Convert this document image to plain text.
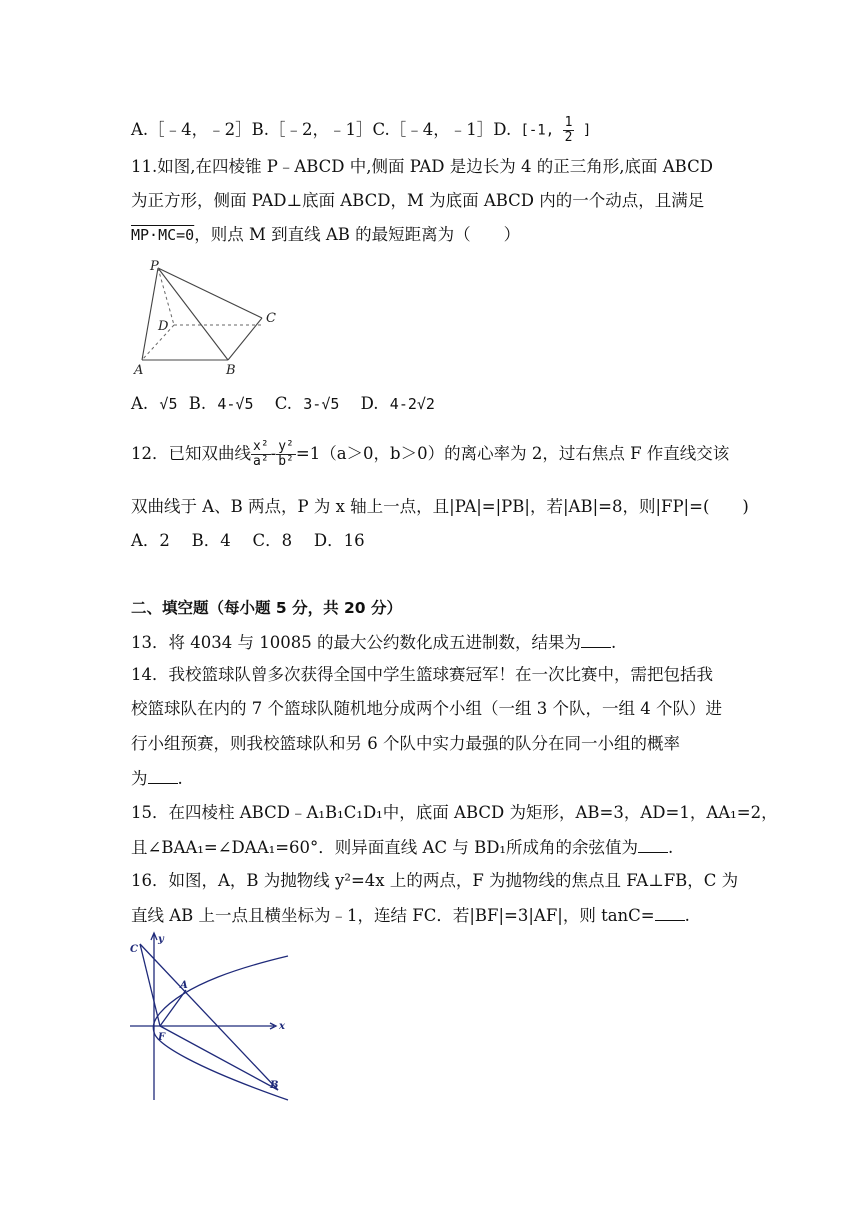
A.［﹣4，﹣2］B.［﹣2，﹣1］C.［﹣4，﹣1］D. [-1, $\frac{1}{2}$ ]
11.如图,在四棱锥 P﹣ABCD 中,侧面 PAD 是边长为 4 的正三角形,底面 ABCD
为正方形，侧面 PAD⊥底面 ABCD，M 为底面 ABCD 内的一个动点，且满足
MP·MC=0，则点 M 到直线 AB 的最短距离为（　　）
P
D
C
A	B
A. √5 B. 4-√5 C. 3-√5 D. 4-2√2
12．已知双曲线 $\frac{\text{x²}}{\text{a²}} - \frac{\text{y²}}{\text{b²}} =1(a>0$，b＞0）的离心率为 2，过右焦点 F 作直线交该
双曲线于 A、B 两点，P 为 x 轴上一点，且|PA|=|PB|，若|AB|=8，则|FP|=(　　)
A．2　 B．4　 C．8　 D．16
二、填空题（每小题 5 分，共 20 分）
13．将 4034 与 10085 的最大公约数化成五进制数，结果为 .
14．我校篮球队曾多次获得全国中学生篮球赛冠军！在一次比赛中，需把包括我
校篮球队在内的 7 个篮球队随机地分成两个小组（一组 3 个队，一组 4 个队）进
行小组预赛，则我校篮球队和另 6 个队中实力最强的队分在同一小组的概率
为 .
15．在四棱柱 ABCD﹣A₁B₁C₁D₁中，底面 ABCD 为矩形，AB=3，AD=1，AA₁=2，
且∠BAA₁=∠DAA₁=60°．则异面直线 AC 与 BD₁所成角的余弦值为 .
16．如图，A，B 为抛物线 y²=4x 上的两点，F 为抛物线的焦点且 FA⊥FB，C 为
直线 AB 上一点且横坐标为﹣1，连结 FC．若|BF|=3|AF|，则 tanC= .
C
y
A
x
F
B
